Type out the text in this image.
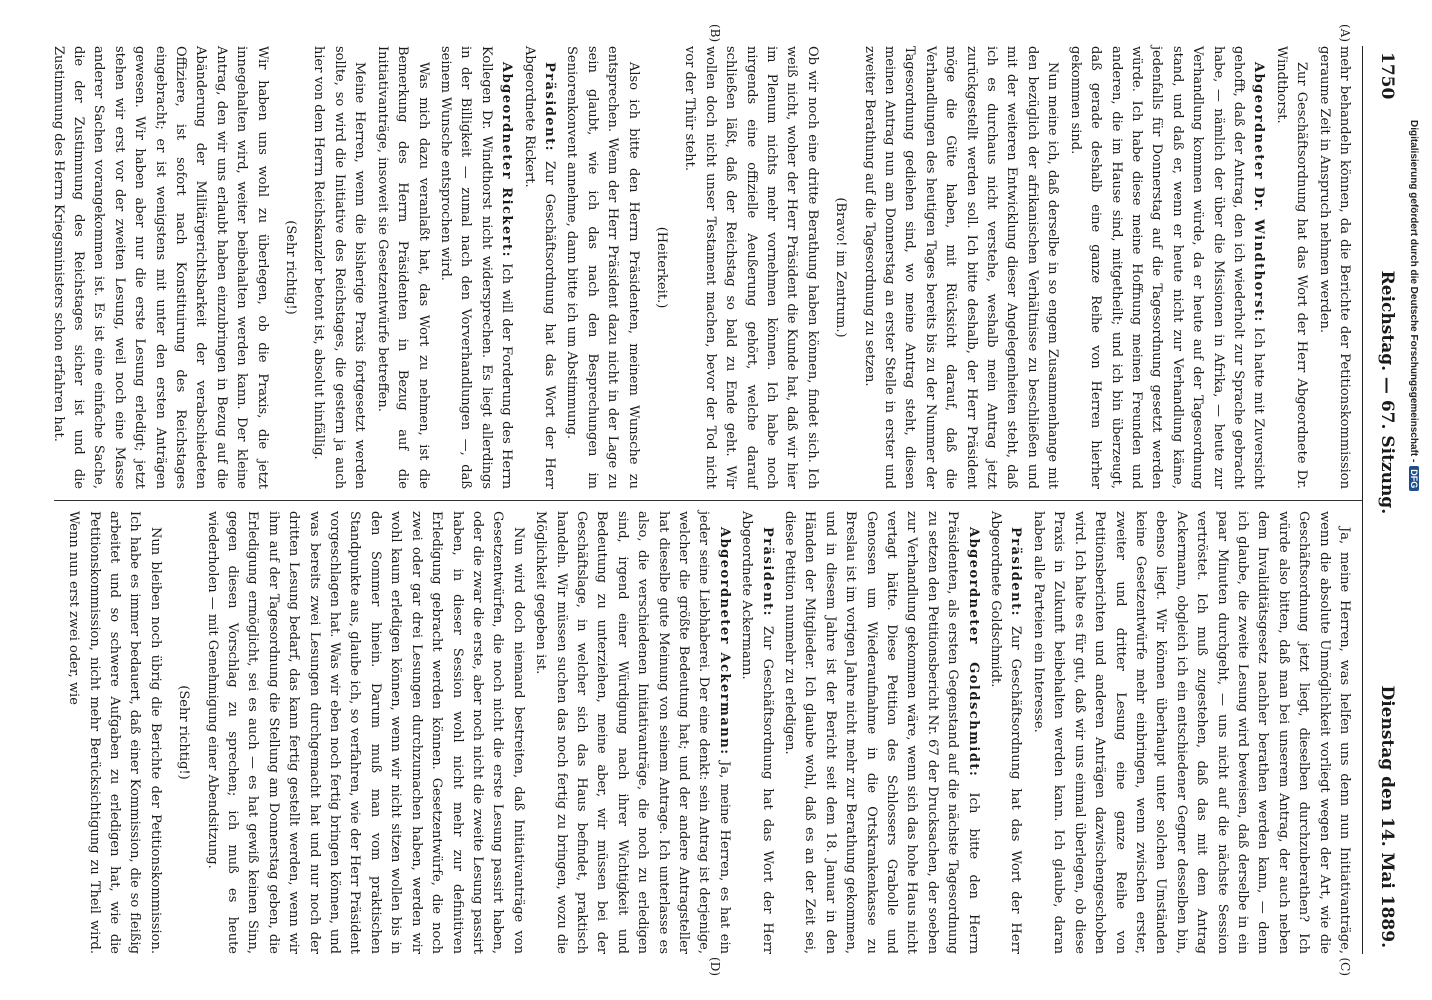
1750
Reichstag. — 67. Sitzung.
Dienstag den 14. Mai 1889.
(A)
(B)
(C)
(D)

mehr behandeln können, da die Berichte der Petitionskommission geraume Zeit in Anspruch nehmen werden.

Zur Geschäftsordnung hat das Wort der Herr Abgeordnete Dr. Windthorst.

Abgeordneter Dr. Windthorst: Ich hatte mit Zuversicht gehofft, daß der Antrag, den ich wiederholt zur Sprache gebracht habe, — nämlich der über die Missionen in Afrika, — heute zur Verhandlung kommen würde, da er heute auf der Tagesordnung stand, und daß er, wenn er heute nicht zur Verhandlung käme, jedenfalls für Donnerstag auf die Tagesordnung gesetzt werden würde. Ich habe diese meine Hoffnung meinen Freunden und anderen, die im Hause sind, mitgetheilt; und ich bin überzeugt, daß gerade deshalb eine ganze Reihe von Herren hierher gekommen sind.

Nun meine ich, daß derselbe in so engem Zusammenhange mit den bezüglich der afrikanischen Verhältnisse zu beschließen und mit der weiteren Entwicklung dieser Angelegenheiten steht, daß ich es durchaus nicht verstehe, weshalb mein Antrag jetzt zurückgestellt werden soll. Ich bitte deshalb, der Herr Präsident möge die Güte haben, mit Rücksicht darauf, daß die Verhandlungen des heutigen Tages bereits bis zu der Nummer der Tagesordnung gediehen sind, wo meine Antrag steht, diesen meinen Antrag nun am Donnerstag an erster Stelle in erster und zweiter Berathung auf die Tagesordnung zu setzen.

(Bravo! im Zentrum.)

Ob wir noch eine dritte Berathung haben können, findet sich. Ich weiß nicht, woher der Herr Präsident die Kunde hat, daß wir hier im Plenum nichts mehr vornehmen können. Ich habe noch nirgends eine offizielle Aeußerung gehört, welche darauf schließen läßt, daß der Reichstag so bald zu Ende geht. Wir wollen doch nicht unser Testament machen, bevor der Tod nicht vor der Thür steht.

(Heiterkeit.)

Also ich bitte den Herrn Präsidenten, meinem Wunsche zu entsprechen. Wenn der Herr Präsident dazu nicht in der Lage zu sein glaubt, wie ich das nach den Besprechungen im Seniorenkonvent annehme, dann bitte ich um Abstimmung.

Präsident: Zur Geschäftsordnung hat das Wort der Herr Abgeordnete Rickert.

Abgeordneter Rickert: Ich will der Forderung des Herrn Kollegen Dr. Windthorst nicht widersprechen. Es liegt allerdings in der Billigkeit — zumal nach den Vorverhandlungen —, daß seinem Wunsche entsprochen wird.

Was mich dazu veranlaßt hat, das Wort zu nehmen, ist die Bemerkung des Herrn Präsidenten in Bezug auf die Initiativanträge, insoweit sie Gesetzentwürfe betreffen.

Meine Herren, wenn die bisherige Praxis fortgesetzt werden sollte, so wird die Initiative des Reichstages, die gestern ja auch hier von dem Herrn Reichskanzler betont ist, absolut hinfällig.

(Sehr richtig!)

Wir haben uns wohl zu überlegen, ob die Praxis, die jetzt innegehalten wird, weiter beibehalten werden kann. Der kleine Antrag, den wir uns erlaubt haben einzubringen in Bezug auf die Abänderung der Militärgerichtsbarkeit der verabschiedeten Offiziere, ist sofort nach Konstituirung des Reichstages eingebracht; er ist wenigstens mit unter den ersten Anträgen gewesen. Wir haben aber nur die erste Lesung erledigt; jetzt stehen wir erst vor der zweiten Lesung, weil noch eine Masse anderer Sachen vorangekommen ist. Es ist eine einfache Sache, die der Zustimmung des Reichstages sicher ist und die Zustimmung des Herrn Kriegsministers schon erfahren hat.

Ja, meine Herren, was helfen uns denn nun Initiativanträge, wenn die absolute Unmöglichkeit vorliegt wegen der Art, wie die Geschäftsordnung jetzt liegt, dieselben durchzuberathen? Ich würde also bitten, daß man bei unserem Antrag, der auch neben dem Invaliditätsgesetz nachher berathen werden kann, — denn ich glaube, die zweite Lesung wird beweisen, daß derselbe in ein paar Minuten durchgeht, — uns nicht auf die nächste Session vertröstet. Ich muß zugestehen, daß das mit dem Antrag Ackermann, obgleich ich ein entschiedener Gegner desselben bin, ebenso liegt. Wir können überhaupt unter solchen Umständen keine Gesetzentwürfe mehr einbringen, wenn zwischen erster, zweiter und dritter Lesung eine ganze Reihe von Petitionsberichten und anderen Anträgen dazwischengeschoben wird. Ich halte es für gut, daß wir uns einmal überlegen, ob diese Praxis in Zukunft beibehalten werden kann. Ich glaube, daran haben alle Parteien ein Interesse.

Präsident: Zur Geschäftsordnung hat das Wort der Herr Abgeordnete Goldschmidt.

Abgeordneter Goldschmidt: Ich bitte den Herrn Präsidenten, als ersten Gegenstand auf die nächste Tagesordnung zu setzen den Petitionsbericht Nr. 67 der Drucksachen, der soeben zur Verhandlung gekommen wäre, wenn sich das hohe Haus nicht vertagt hätte. Diese Petition des Schlossers Grabolle und Genossen um Wiederaufnahme in die Ortskrankenkasse zu Breslau ist im vorigen Jahre nicht mehr zur Berathung gekommen, und in diesem Jahre ist der Bericht seit dem 18. Januar in den Händen der Mitglieder. Ich glaube wohl, daß es an der Zeit sei, diese Petition nunmehr zu erledigen.

Präsident: Zur Geschäftsordnung hat das Wort der Herr Abgeordnete Ackermann.

Abgeordneter Ackermann: Ja, meine Herren, es hat ein jeder seine Liebhaberei. Der eine denkt: sein Antrag ist derjenige, welcher die größte Bedeutung hat; und der andere Antragsteller hat dieselbe gute Meinung von seinem Antrage. Ich unterlasse es also, die verschiedenen Initiativanträge, die noch zu erledigen sind, irgend einer Würdigung nach ihrer Wichtigkeit und Bedeutung zu unterziehen, meine aber, wir müssen bei der Geschäftslage, in welcher sich das Haus befindet, praktisch handeln. Wir müssen suchen das noch fertig zu bringen, wozu die Möglichkeit gegeben ist.

Nun wird doch niemand bestreiten, daß Initiativanträge von Gesetzentwürfen, die noch nicht die erste Lesung passirt haben, oder die zwar die erste, aber noch nicht die zweite Lesung passirt haben, in dieser Session wohl nicht mehr zur definitiven Erledigung gebracht werden können. Gesetzentwürfe, die noch zwei oder gar drei Lesungen durchzumachen haben, werden wir wohl kaum erledigen können, wenn wir nicht sitzen wollen bis in den Sommer hinein. Darum muß man vom praktischen Standpunkte aus, glaube ich, so verfahren, wie der Herr Präsident vorgeschlagen hat. Was wir eben noch fertig bringen können, und was bereits zwei Lesungen durchgemacht hat und nur noch der dritten Lesung bedarf, das kann fertig gestellt werden, wenn wir ihm auf der Tagesordnung die Stellung am Donnerstag geben, die Erledigung ermöglicht, sei es auch — es hat gewiß keinen Sinn, gegen diesen Vorschlag zu sprechen; ich muß es heute wiederholen — mit Genehmigung einer Abendsitzung.

(Sehr richtig!)

Nun bleiben noch übrig die Berichte der Petitionskommission. Ich habe es immer bedauert, daß einer Kommission, die so fleißig arbeitet und so schwere Aufgaben zu erledigen hat, wie die Petitionskommission, nicht mehr Berücksichtigung zu Theil wird. Wenn nun erst zwei oder, wie

Digitalisierung gefördert durch die Deutsche Forschungsgemeinschaft -DFG
